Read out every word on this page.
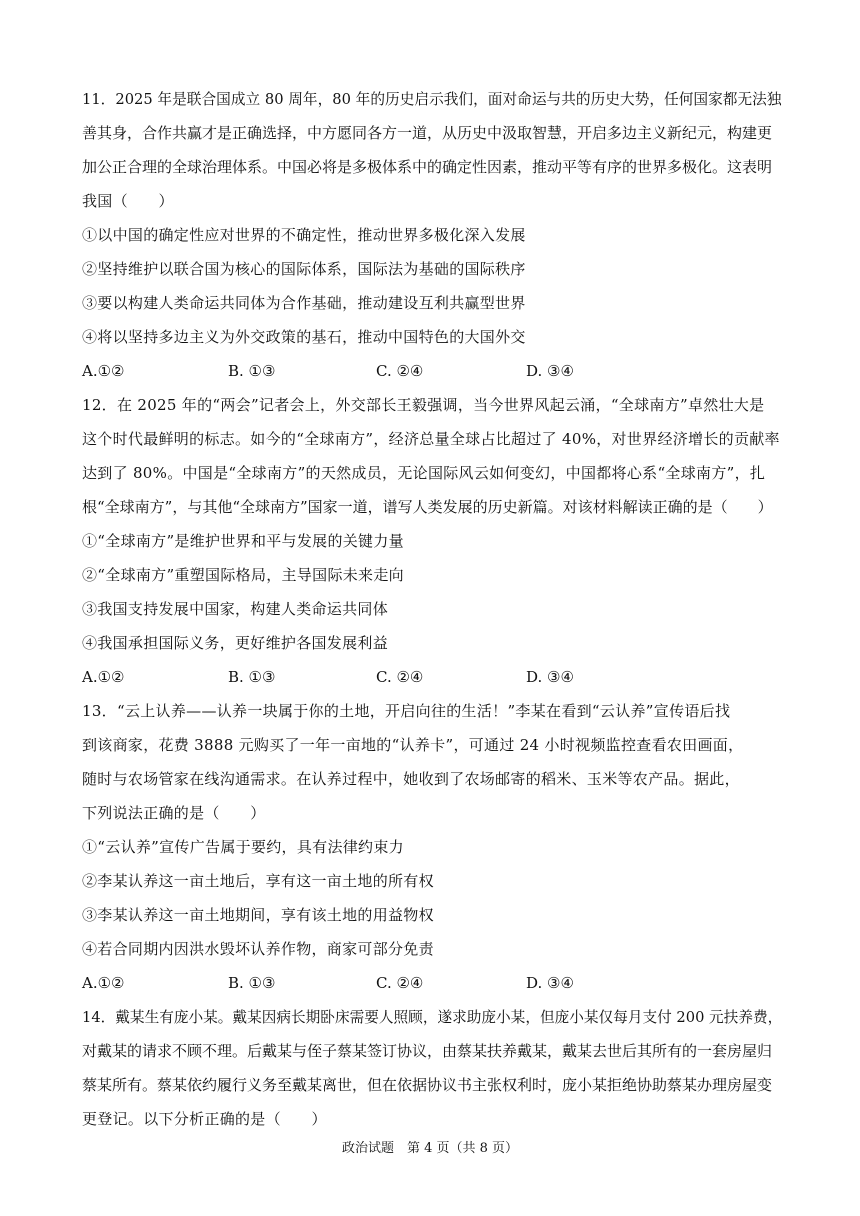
11．2025 年是联合国成立 80 周年，80 年的历史启示我们，面对命运与共的历史大势，任何国家都无法独
善其身，合作共赢才是正确选择，中方愿同各方一道，从历史中汲取智慧，开启多边主义新纪元，构建更
加公正合理的全球治理体系。中国必将是多极体系中的确定性因素，推动平等有序的世界多极化。这表明
我国（　　）
①以中国的确定性应对世界的不确定性，推动世界多极化深入发展
②坚持维护以联合国为核心的国际体系，国际法为基础的国际秩序
③要以构建人类命运共同体为合作基础，推动建设互利共赢型世界
④将以坚持多边主义为外交政策的基石，推动中国特色的大国外交
A.①②	B. ①③	C. ②④	D. ③④
12．在 2025 年的“两会”记者会上，外交部长王毅强调，当今世界风起云涌，“全球南方”卓然壮大是
这个时代最鲜明的标志。如今的“全球南方”，经济总量全球占比超过了 40%，对世界经济增长的贡献率
达到了 80%。中国是“全球南方”的天然成员，无论国际风云如何变幻，中国都将心系“全球南方”，扎
根“全球南方”，与其他“全球南方”国家一道，谱写人类发展的历史新篇。对该材料解读正确的是（　　）
①“全球南方”是维护世界和平与发展的关键力量
②“全球南方”重塑国际格局，主导国际未来走向
③我国支持发展中国家，构建人类命运共同体
④我国承担国际义务，更好维护各国发展利益
A.①②	B. ①③	C. ②④	D. ③④
13．“云上认养——认养一块属于你的土地，开启向往的生活！”李某在看到“云认养”宣传语后找
到该商家，花费 3888 元购买了一年一亩地的“认养卡”，可通过 24 小时视频监控查看农田画面，
随时与农场管家在线沟通需求。在认养过程中，她收到了农场邮寄的稻米、玉米等农产品。据此，
下列说法正确的是（　　）
①“云认养”宣传广告属于要约，具有法律约束力
②李某认养这一亩土地后，享有这一亩土地的所有权
③李某认养这一亩土地期间，享有该土地的用益物权
④若合同期内因洪水毁坏认养作物，商家可部分免责
A.①②	B. ①③	C. ②④	D. ③④
14．戴某生有庞小某。戴某因病长期卧床需要人照顾，遂求助庞小某，但庞小某仅每月支付 200 元扶养费，
对戴某的请求不顾不理。后戴某与侄子蔡某签订协议，由蔡某扶养戴某，戴某去世后其所有的一套房屋归
蔡某所有。蔡某依约履行义务至戴某离世，但在依据协议书主张权利时，庞小某拒绝协助蔡某办理房屋变
更登记。以下分析正确的是（　　）
政治试题　第 4 页（共 8 页）
